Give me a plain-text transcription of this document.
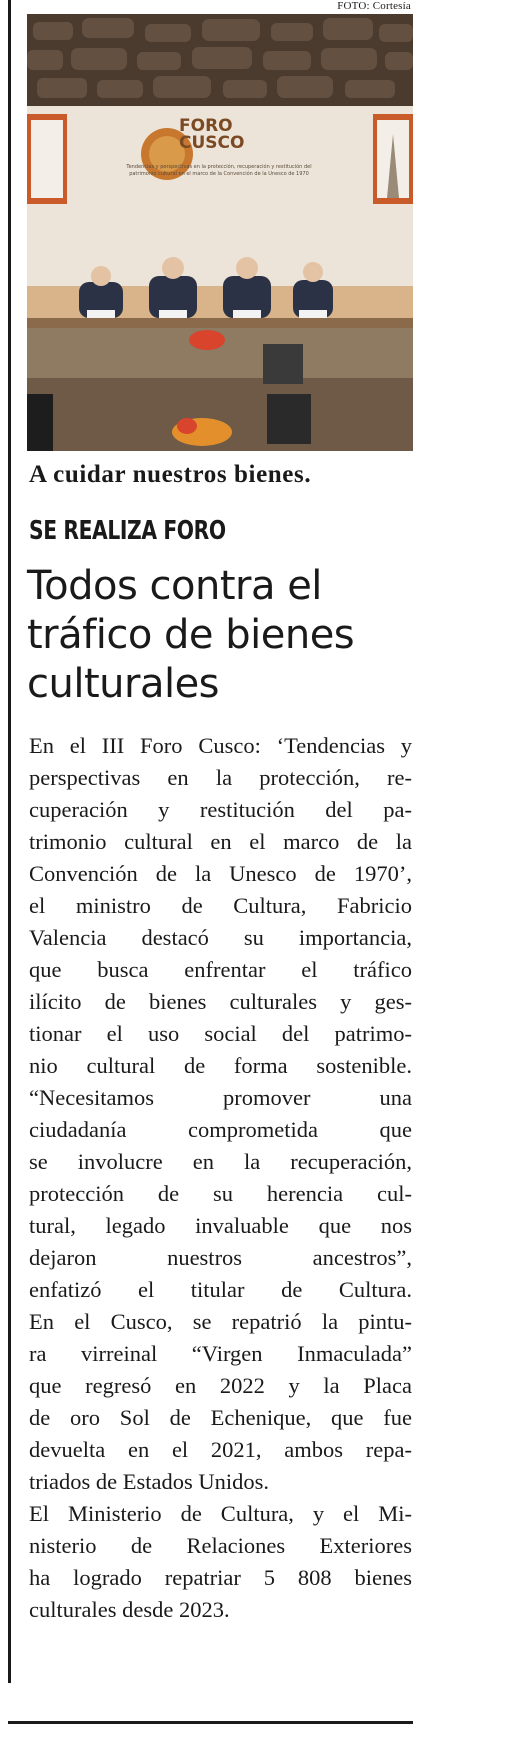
FOTO: Cortesía
FORO
CUSCO
Tendencias y perspectivas en la protección, recuperación y restitución del patrimonio cultural en el marco de la Convención de la Unesco de 1970
A cuidar nuestros bienes.
SE REALIZA FORO
Todos contra el
tráfico de bienes
culturales
En el III Foro Cusco: ‘Tendencias y
perspectivas en la protección, re-
cuperación y restitución del pa-
trimonio cultural en el marco de la
Convención de la Unesco de 1970’,
el ministro de Cultura, Fabricio
Valencia destacó su importancia,
que busca enfrentar el tráfico
ilícito de bienes culturales y ges-
tionar el uso social del patrimo-
nio cultural de forma sostenible.
“Necesitamos promover una
ciudadanía comprometida que
se involucre en la recuperación,
protección de su herencia cul-
tural, legado invaluable que nos
dejaron nuestros ancestros”,
enfatizó el titular de Cultura.
En el Cusco, se repatrió la pintu-
ra virreinal “Virgen Inmaculada”
que regresó en 2022 y la Placa
de oro Sol de Echenique, que fue
devuelta en el 2021, ambos repa-
triados de Estados Unidos.
El Ministerio de Cultura, y el Mi-
nisterio de Relaciones Exteriores
ha logrado repatriar 5 808 bienes
culturales desde 2023.
